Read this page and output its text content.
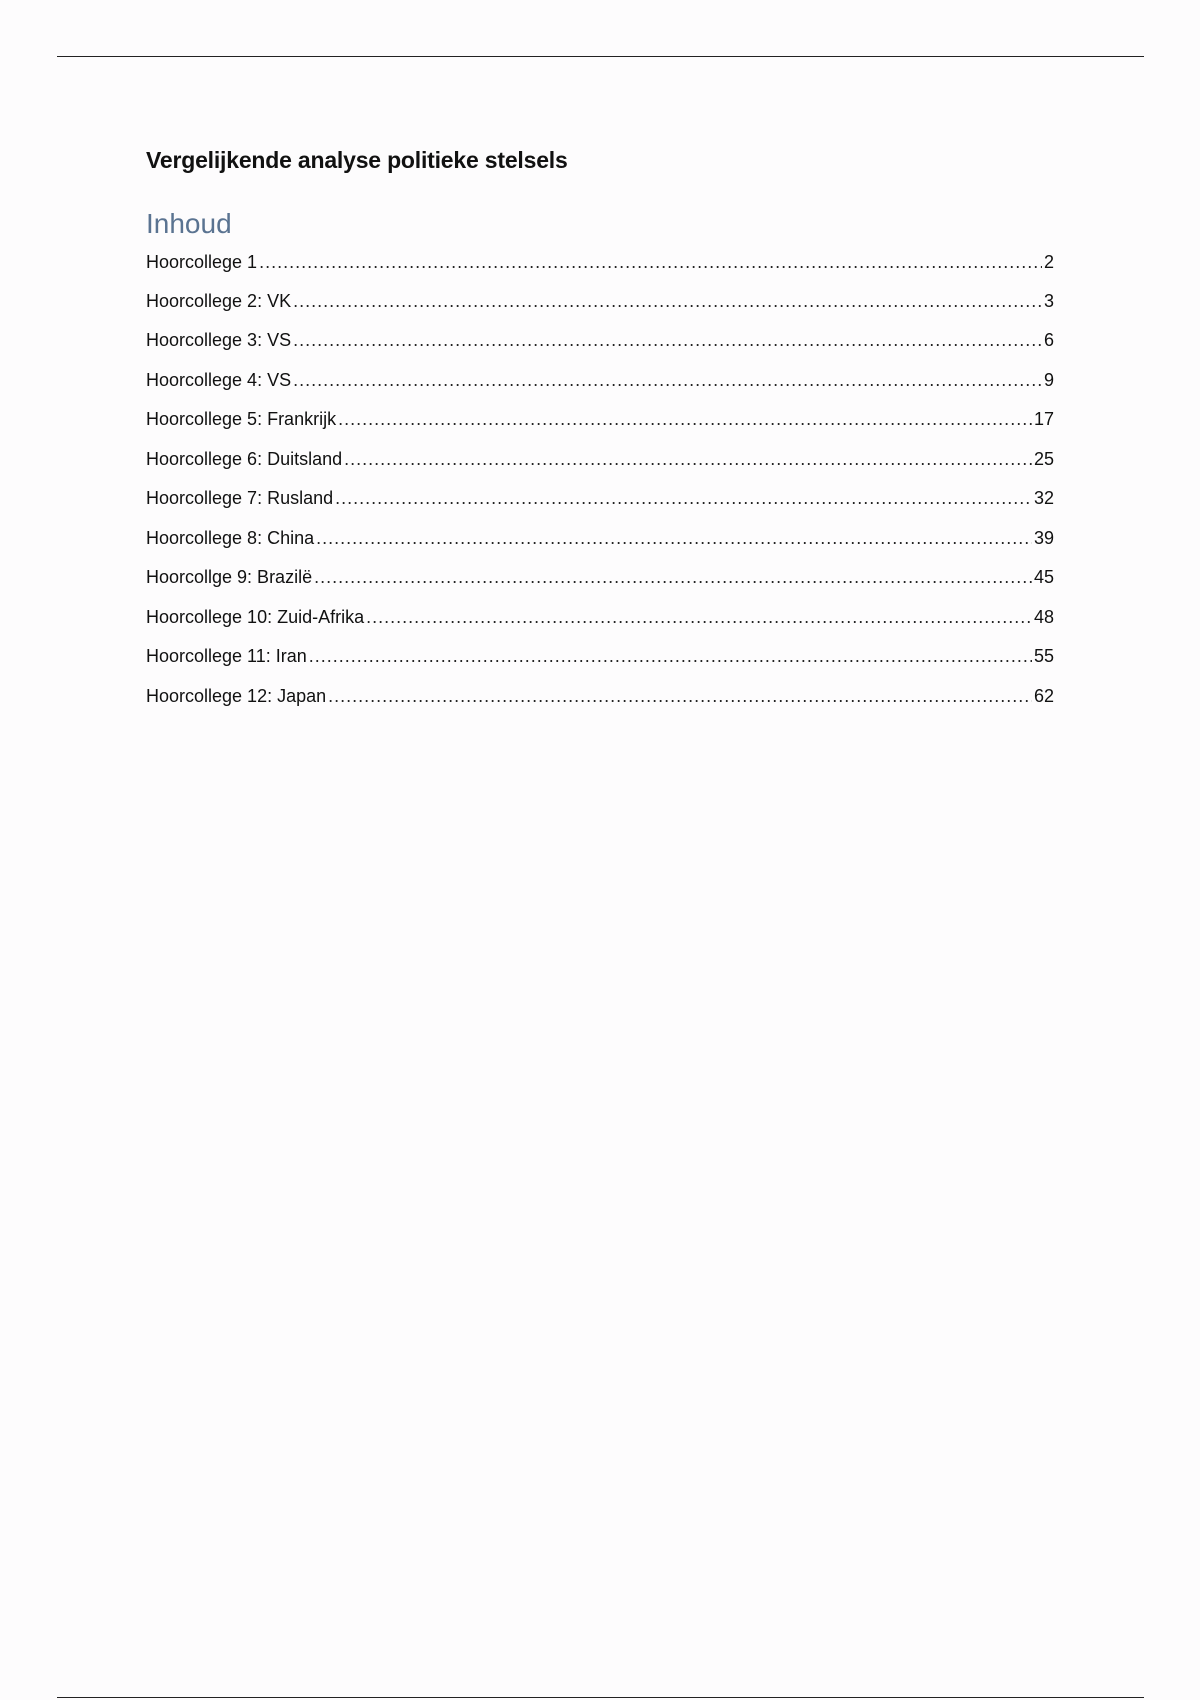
Vergelijkende analyse politieke stelsels
Inhoud
Hoorcollege 1 .....	2
Hoorcollege 2: VK .....	3
Hoorcollege 3: VS .....	6
Hoorcollege 4: VS .....	9
Hoorcollege 5: Frankrijk .....	17
Hoorcollege 6: Duitsland .....	25
Hoorcollege 7: Rusland .....	32
Hoorcollege 8: China .....	39
Hoorcollge 9: Brazilë .....	45
Hoorcollege 10: Zuid-Afrika .....	48
Hoorcollege 11: Iran .....	55
Hoorcollege 12: Japan .....	62
